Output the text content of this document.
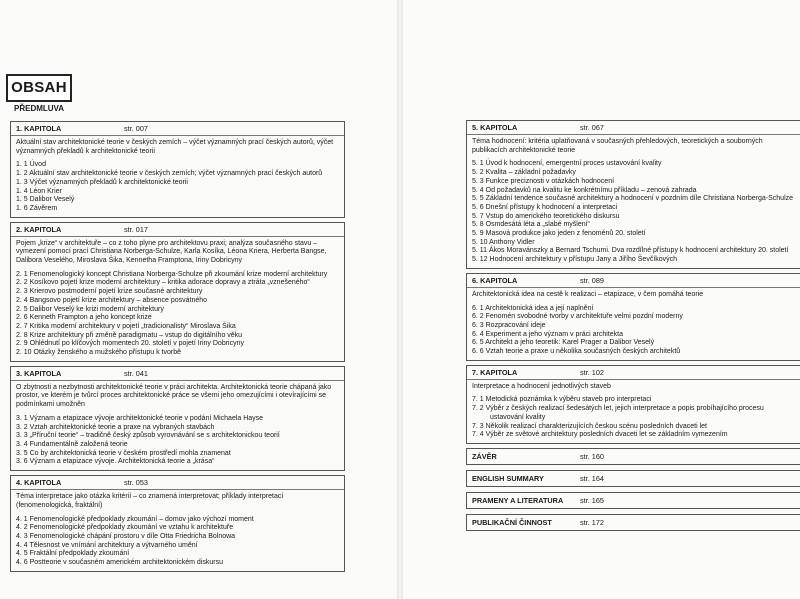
OBSAH
PŘEDMLUVA
1. KAPITOLA	str. 007
Aktuální stav architektonické teorie v českých zemích – výčet významných prací českých autorů, výčet významných překladů k architektonické teorii
1. 1 Úvod
1. 2 Aktuální stav architektonické teorie v českých zemích; výčet významných prací českých autorů
1. 3 Výčet významných překladů k architektonické teorii
1. 4 Léon Krier
1. 5 Dalibor Veselý
1. 6 Závěrem
2. KAPITOLA	str. 017
Pojem „krize“ v architektuře – co z toho plyne pro architektovu praxi; analýza současného stavu – vymezení pomocí prací Christiana Norberga-Schulze, Karla Kosíka, Léona Kriera, Herberta Bangse, Dalibora Veselého, Miroslava Šika, Kennetha Framptona, Iriny Dobricyny
2. 1 Fenomenologický koncept Christiana Norberga-Schulze při zkoumání krize moderní architektury
2. 2 Kosíkovo pojetí krize moderní architektury – kritika adorace dopravy a ztráta „vznešeného“
2. 3 Krierovo postmoderní pojetí krize současné architektury
2. 4 Bangsovo pojetí krize architektury – absence posvátného
2. 5 Dalibor Veselý ke krizi moderní architektury
2. 6 Kenneth Frampton a jeho koncept krize
2. 7 Kritika moderní architektury v pojetí „tradicionalisty“ Miroslava Šika
2. 8 Krize architektury při změně paradigmatu – vstup do digitálního věku
2. 9 Ohlédnutí po klíčových momentech 20. století v pojetí Iriny Dobricyny
2. 10 Otázky ženského a mužského přístupu k tvorbě
3. KAPITOLA	str. 041
O zbytnosti a nezbytnosti architektonické teorie v práci architekta. Architektonická teorie chápaná jako prostor, ve kterém je tvůrcí proces architektonické práce se všemi jeho omezujícími i otevírajícími se podmínkami umožněn
3. 1 Význam a etapizace vývoje architektonické teorie v podání Michaela Hayse
3. 2 Vztah architektonické teorie a praxe na vybraných stavbách
3. 3 „Příruční teorie“ – tradičně český způsob vyrovnávání se s architektonickou teorií
3. 4 Fundamentálně založená teorie
3. 5 Co by architektonická teorie v českém prostředí mohla znamenat
3. 6 Význam a etapizace vývoje. Architektonická teorie a „krása“
4. KAPITOLA	str. 053
Téma interpretace jako otázka kritérií – co znamená interpretovat; příklady interpretací (fenomenologická, fraktální)
4. 1 Fenomenologické předpoklady zkoumání – domov jako výchozí moment
4. 2 Fenomenologické předpoklady zkoumání ve vztahu k architektuře
4. 3 Fenomenologické chápání prostoru v díle Otta Friedricha Bolnowa
4. 4 Tělesnost ve vnímání architektury a výtvarného umění
4. 5 Fraktální předpoklady zkoumání
4. 6 Postteorie v současném americkém architektonickém diskursu
5. KAPITOLA	str. 067
Téma hodnocení: kritéria uplatňovaná v současných přehledových, teoretických a souborných publikacích architektonické teorie
5. 1 Úvod k hodnocení, emergentní proces ustavování kvality
5. 2 Kvalita – základní požadavky
5. 3 Funkce preciznosti v otázkách hodnocení
5. 4 Od požadavků na kvalitu ke konkrétnímu příkladu – zenová zahrada
5. 5 Základní tendence současné architektury a hodnocení v pozdním díle Christiana Norberga-Schulze
5. 6 Dnešní přístupy k hodnocení a interpretaci
5. 7 Vstup do amerického teoretického diskursu
5. 8 Osmdesátá léta a „slabé myšlení“
5. 9 Masová produkce jako jeden z fenoménů 20. století
5. 10 Anthony Vidler
5. 11 Ákos Moravánszky a Bernard Tschumi. Dva rozdílné přístupy k hodnocení architektury 20. století
5. 12 Hodnocení architektury v přístupu Jany a Jiřího Ševčíkových
6. KAPITOLA	str. 089
Architektonická idea na cestě k realizaci – etapizace, v čem pomáhá teorie
6. 1 Architektonická idea a její naplnění
6. 2 Fenomén svobodné tvorby v architektuře velmi pozdní moderny
6. 3 Rozpracování ideje
6. 4 Experiment a jeho význam v práci architekta
6. 5 Architekt a jeho teoretik: Karel Prager a Dalibor Veselý
6. 6 Vztah teorie a praxe u několika současných českých architektů
7. KAPITOLA	str. 102
Interpretace a hodnocení jednotlivých staveb
7. 1 Metodická poznámka k výběru staveb pro interpretaci
7. 2 Výběr z českých realizací šedesátých let, jejich interpretace a popis probíhajícího procesu ustavování kvality
7. 3 Několik realizací charakterizujících českou scénu posledních dvaceti let
7. 4 Výběr ze světové architektury posledních dvaceti let se základním vymezením
ZÁVĚR	str. 160
ENGLISH SUMMARY	str. 164
PRAMENY A LITERATURA	str. 165
PUBLIKAČNÍ ČINNOST	str. 172
